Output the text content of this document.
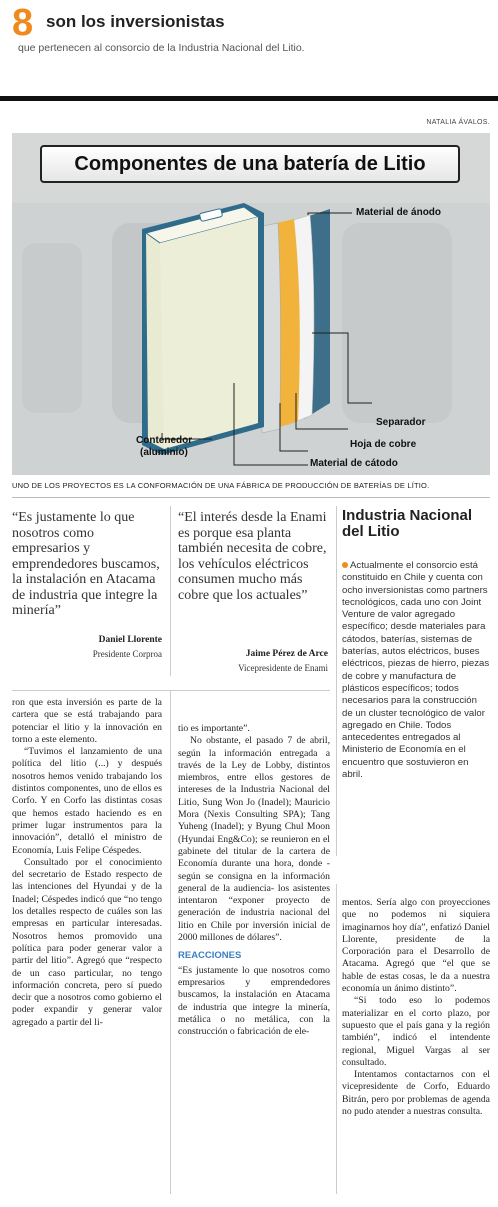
8 son los inversionistas
que pertenecen al consorcio de la Industria Nacional del Litio.
NATALIA ÁVALOS.
Componentes de una batería de Litio
Material de ánodo
Separador
Hoja de cobre
Material de cátodo
Contenedor
(aluminio)
UNO DE LOS PROYECTOS ES LA CONFORMACIÓN DE UNA FÁBRICA DE PRODUCCIÓN DE BATERÍAS DE LÍTIO.
“Es justamente lo que nosotros como empresarios y emprendedores buscamos, la instalación en Atacama de industria que integre la minería”
Daniel Llorente
Presidente Corproa
“El interés desde la Enami es porque esa planta también necesita de cobre, los vehículos eléctricos consumen mucho más cobre que los actuales”
Jaime Pérez de Arce
Vicepresidente de Enami
Industria Nacional del Litio
Actualmente el consorcio está constituido en Chile y cuenta con ocho inversionistas como partners tecnológicos, cada uno con Joint Venture de valor agregado específico; desde materiales para cátodos, baterías, sistemas de baterías, autos eléctricos, buses eléctricos, piezas de hierro, piezas de cobre y manufactura de plásticos específicos; todos necesarios para la construcción de un cluster tecnológico de valor agregado en Chile. Todos antecedentes entregados al Ministerio de Economía en el encuentro que sostuvieron en abril.

ron que esta inversión es parte de la cartera que se está trabajando para potenciar el litio y la innovación en torno a este elemento.

“Tuvimos el lanzamiento de una política del litio (...) y después nosotros hemos venido trabajando los distintos componentes, uno de ellos es Corfo. Y en Corfo las distintas cosas que hemos estado haciendo es en primer lugar instrumentos para la innovación”, detalló el ministro de Economía, Luis Felipe Céspedes.

Consultado por el conocimiento del secretario de Estado respecto de las intenciones del Hyundai y de la Inadel; Céspedes indicó que “no tengo los detalles respecto de cuáles son las empresas en particular interesadas. Nosotros hemos promovido una política para poder generar valor a partir del litio”. Agregó que “respecto de un caso particular, no tengo información concreta, pero sí puedo decir que a nosotros como gobierno el poder expandir y generar valor agregado a partir del li-

tio es importante”.

No obstante, el pasado 7 de abril, según la información entregada a través de la Ley de Lobby, distintos miembros, entre ellos gestores de intereses de la Industria Nacional del Litio, Sung Won Jo (Inadel); Mauricio Mora (Nexis Consulting SPA); Tang Yuheng (Inadel); y Byung Chul Moon (Hyundai Eng&Co); se reunieron en el gabinete del titular de la cartera de Economía durante una hora, donde -según se consigna en la información general de la audiencia- los asistentes intentaron “exponer proyecto de generación de industria nacional del litio en Chile por inversión inicial de 2000 millones de dólares”.

REACCIONES

“Es justamente lo que nosotros como empresarios y emprendedores buscamos, la instalación en Atacama de industria que integre la minería, metálica o no metálica, con la construcción o fabricación de ele-

mentos. Sería algo con proyecciones que no podemos ni siquiera imaginarnos hoy día”, enfatizó Daniel Llorente, presidente de la Corporación para el Desarrollo de Atacama. Agregó que “el que se hable de estas cosas, le da a nuestra economía un ánimo distinto”.

“Si todo eso lo podemos materializar en el corto plazo, por supuesto que el país gana y la región también”, indicó el intendente regional, Miguel Vargas al ser consultado.

Intentamos contactarnos con el vicepresidente de Corfo, Eduardo Bitrán, pero por problemas de agenda no pudo atender a nuestras consulta.
